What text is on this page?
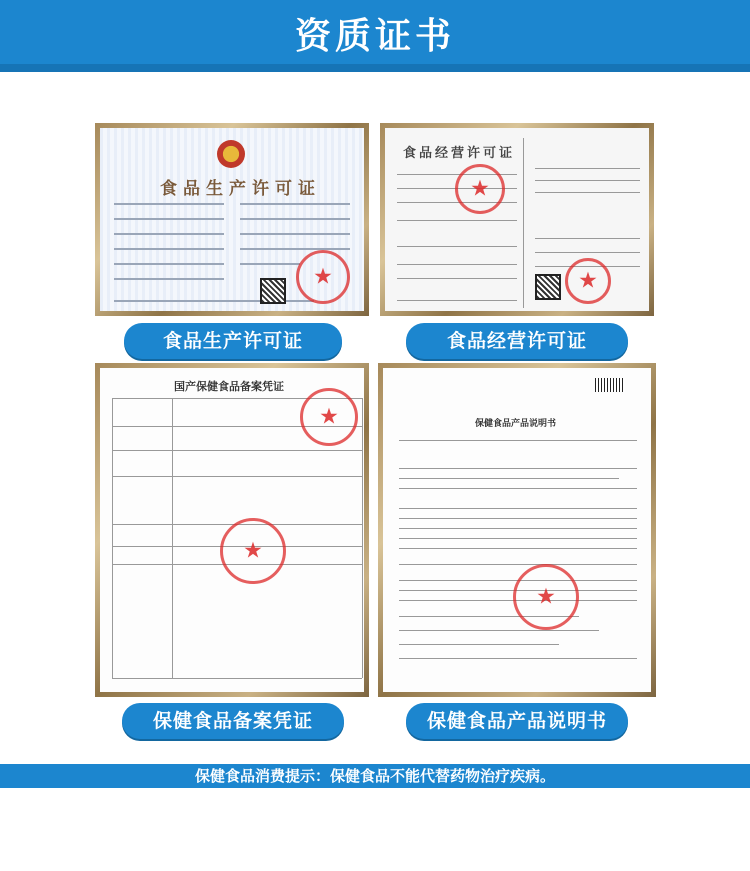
资质证书
食品生产许可证
★
食品经营许可证
★
★
食品生产许可证	食品经营许可证
国产保健食品备案凭证
★
★
保健食品产品说明书
★
保健食品备案凭证	保健食品产品说明书
保健食品消费提示：保健食品不能代替药物治疗疾病。
